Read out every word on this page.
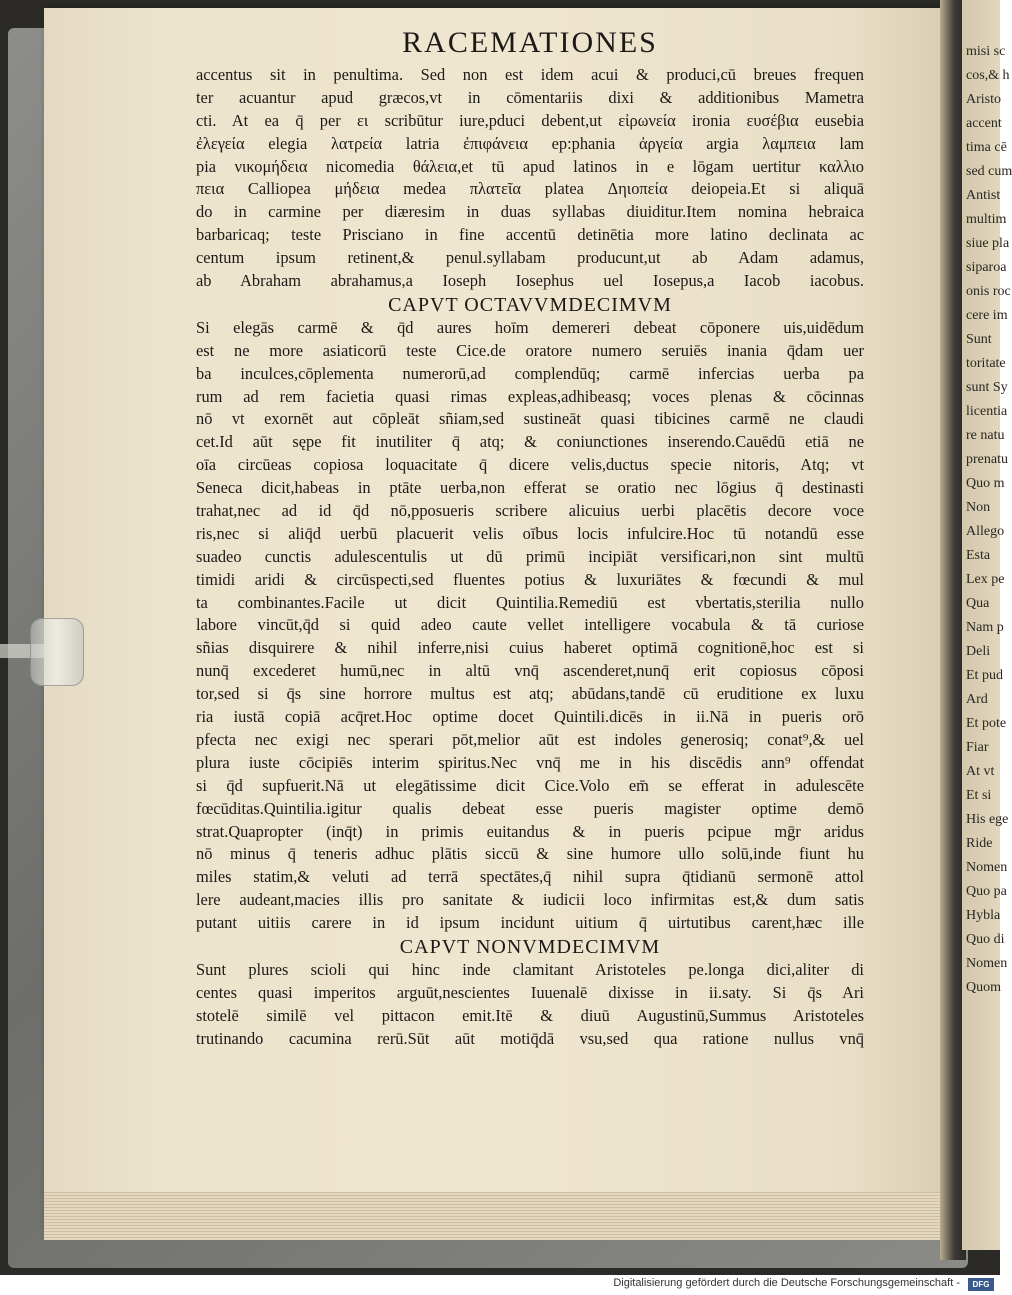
misi sc
cos,& h
Aristo
accent
tima cē
sed cum
Antist
multim
siue pla
siparoa
onis roc
cere im
Sunt
toritate
sunt Sy
licentia
re natu
prenatu
Quo m
Non
Allego
Esta
Lex pe
Qua
Nam p
Deli
Et pud
Ard
Et pote
Fiar
At vt
Et si
His ege
Ride
Nomen
Quo pa
Hybla
Quo di
Nomen
Quom
RACEMATIONES
accentus sit in penultima. Sed non est idem acui & produci,cū breues frequen
ter acuantur apud græcos,vt in cōmentariis dixi & additionibus Mametra
cti. At ea q̄ per ει scribūtur iure,pduci debent,ut εἰρωνεία ironia ευσέβια eusebia
ἐλεγεία elegia λατρεία latria ἐπιφάνεια ep:phania ἀργεία argia λαμπεια lam
pia νικομήδεια nicomedia θάλεια,et tū apud latinos in e lōgam uertitur καλλιο
πεια Calliopea μήδεια medea πλατεῖα platea Δηιοπεία deiopeia.Et si aliquā
do in carmine per diæresim in duas syllabas diuiditur.Item nomina hebraica
barbaricaq; teste Prisciano in fine accentū detinētia more latino declinata ac
centum ipsum retinent,& penul.syllabam producunt,ut ab Adam adamus,
ab Abraham abrahamus,a Ioseph Iosephus uel Iosepus,a Iacob iacobus.
CAPVT OCTAVVMDECIMVM
Si elegās carmē & q̄d aures hoīm demereri debeat cōponere uis,uidēdum
est ne more asiaticorū teste Cice.de oratore numero seruiēs inania q̄dam uer
ba inculces,cōplementa numerorū,ad complendūq; carmē infercias uerba pa
rum ad rem facietia quasi rimas expleas,adhibeasq; voces plenas & cōcinnas
nō vt exornēt aut cōpleāt sñiam,sed sustineāt quasi tibicines carmē ne claudi
cet.Id aūt sępe fit inutiliter q̄ atq; & coniunctiones inserendo.Cauēdū etiā ne
oīa circūeas copiosa loquacitate q̄ dicere velis,ductus specie nitoris, Atq; vt
Seneca dicit,habeas in ptāte uerba,non efferat se oratio nec lōgius q̄ destinasti
trahat,nec ad id q̄d nō,pposueris scribere alicuius uerbi placētis decore voce
ris,nec si aliq̄d uerbū placuerit velis oībus locis infulcire.Hoc tū notandū esse
suadeo cunctis adulescentulis ut dū primū incipiāt versificari,non sint multū
timidi aridi & circūspecti,sed fluentes potius & luxuriātes & fœcundi & mul
ta combinantes.Facile ut dicit Quintilia.Remediū est vbertatis,sterilia nullo
labore vincūt,q̄d si quid adeo caute vellet intelligere vocabula & tā curiose
sñias disquirere & nihil inferre,nisi cuius haberet optimā cognitionē,hoc est si
nunq̄ excederet humū,nec in altū vnq̄ ascenderet,nunq̄ erit copiosus cōposi
tor,sed si q̄s sine horrore multus est atq; abūdans,tandē cū eruditione ex luxu
ria iustā copiā acq̄ret.Hoc optime docet Quintili.dicēs in ii.Nā in pueris orō
pfecta nec exigi nec sperari pōt,melior aūt est indoles generosiq; conat⁹,& uel
plura iuste cōcipiēs interim spiritus.Nec vnq̄ me in his discēdis ann⁹ offendat
si q̄d supfuerit.Nā ut elegātissime dicit Cice.Volo em̄ se efferat in adulescēte
fœcūditas.Quintilia.igitur qualis debeat esse pueris magister optime demō
strat.Quapropter (inq̄t) in primis euitandus & in pueris pcipue mḡr aridus
nō minus q̄ teneris adhuc plātis siccū & sine humore ullo solū,inde fiunt hu
miles statim,& veluti ad terrā spectātes,q̄ nihil supra q̄tidianū sermonē attol
lere audeant,macies illis pro sanitate & iudicii loco infirmitas est,& dum satis
putant uitiis carere in id ipsum incidunt uitium q̄ uirtutibus carent,hæc ille
CAPVT NONVMDECIMVM
Sunt plures scioli qui hinc inde clamitant Aristoteles pe.longa dici,aliter di
centes quasi imperitos arguūt,nescientes Iuuenalē dixisse in ii.saty. Si q̄s Ari
stotelē similē vel pittacon emit.Itē & diuū Augustinū,Summus Aristoteles
trutinando cacumina rerū.Sūt aūt motiq̄dā vsu,sed qua ratione nullus vnq̄
Digitalisierung gefördert durch die Deutsche Forschungsgemeinschaft -	DFG
